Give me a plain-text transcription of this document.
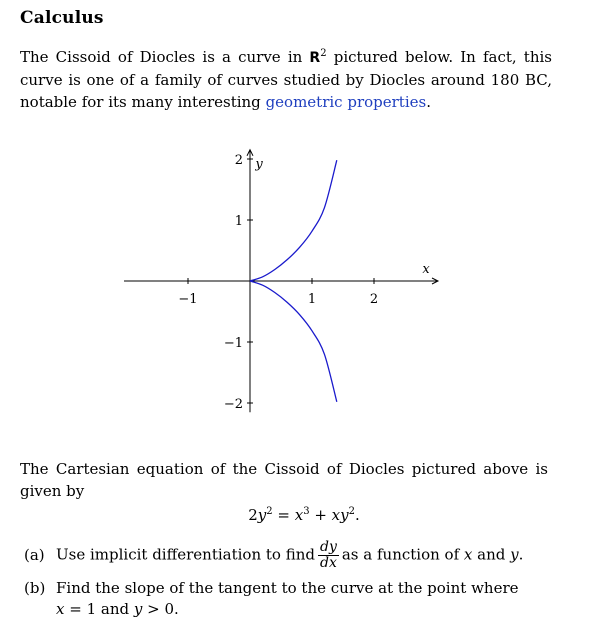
Calculus
The Cissoid of Diocles is a curve in $R^2$ pictured below. In fact, this curve is one of a family of curves studied by Diocles around 180 BC, notable for its many interesting geometric properties.
−1	1	2
−2
−1
1
2
x
y
The Cartesian equation of the Cissoid of Diocles pictured above is given by
$2y^2 = x^3 + xy^2$.
(a) Use implicit differentiation to find $\frac{dy}{dx}$ as a function of x and y.
(b) Find the slope of the tangent to the curve at the point where
x = 1 and y > 0.
